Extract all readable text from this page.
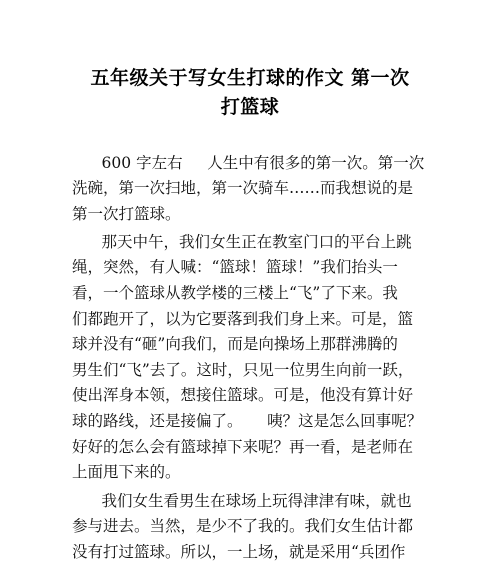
五年级关于写女生打球的作文 第一次
打篮球
600 字左右     人生中有很多的第一次。第一次
洗碗，第一次扫地，第一次骑车……而我想说的是
第一次打篮球。
那天中午，我们女生正在教室门口的平台上跳
绳，突然，有人喊：“篮球！篮球！”我们抬头一
看，一个篮球从教学楼的三楼上“飞”了下来。我
们都跑开了，以为它要落到我们身上来。可是，篮
球并没有“砸”向我们，而是向操场上那群沸腾的
男生们“飞”去了。这时，只见一位男生向前一跃，
使出浑身本领，想接住篮球。可是，他没有算计好
球的路线，还是接偏了。     咦？这是怎么回事呢？
好好的怎么会有篮球掉下来呢？再一看，是老师在
上面甩下来的。
我们女生看男生在球场上玩得津津有味，就也
参与进去。当然，是少不了我的。我们女生估计都
没有打过篮球。所以，一上场，就是采用“兵团作
